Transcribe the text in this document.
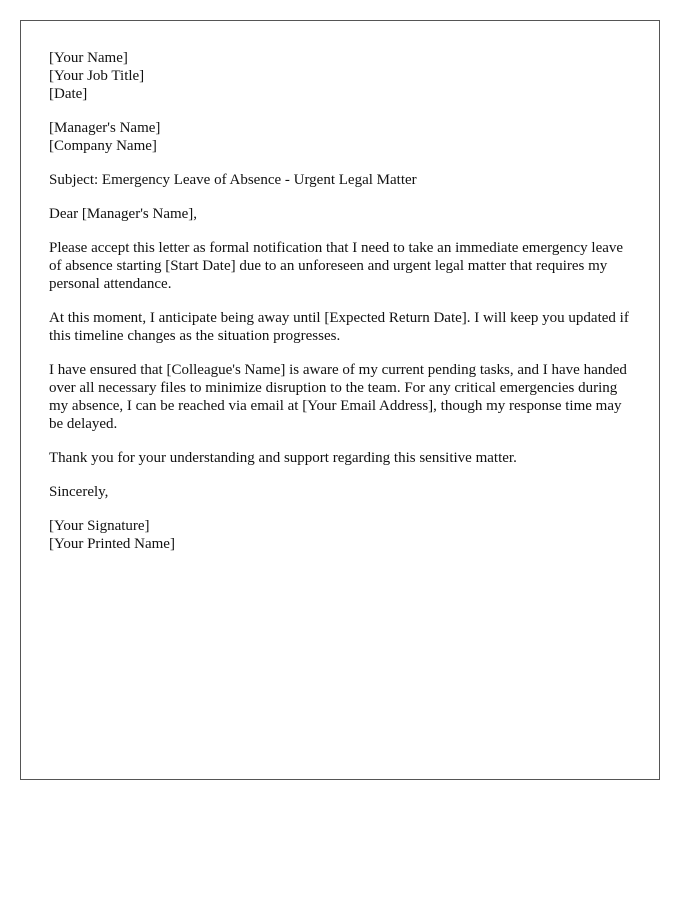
[Your Name]
[Your Job Title]
[Date]
[Manager's Name]
[Company Name]

Subject: Emergency Leave of Absence - Urgent Legal Matter

Dear [Manager's Name],

Please accept this letter as formal notification that I need to take an immediate emergency leave of absence starting [Start Date] due to an unforeseen and urgent legal matter that requires my personal attendance.

At this moment, I anticipate being away until [Expected Return Date]. I will keep you updated if this timeline changes as the situation progresses.

I have ensured that [Colleague's Name] is aware of my current pending tasks, and I have handed over all necessary files to minimize disruption to the team. For any critical emergencies during my absence, I can be reached via email at [Your Email Address], though my response time may be delayed.

Thank you for your understanding and support regarding this sensitive matter.

Sincerely,

[Your Signature]
[Your Printed Name]
